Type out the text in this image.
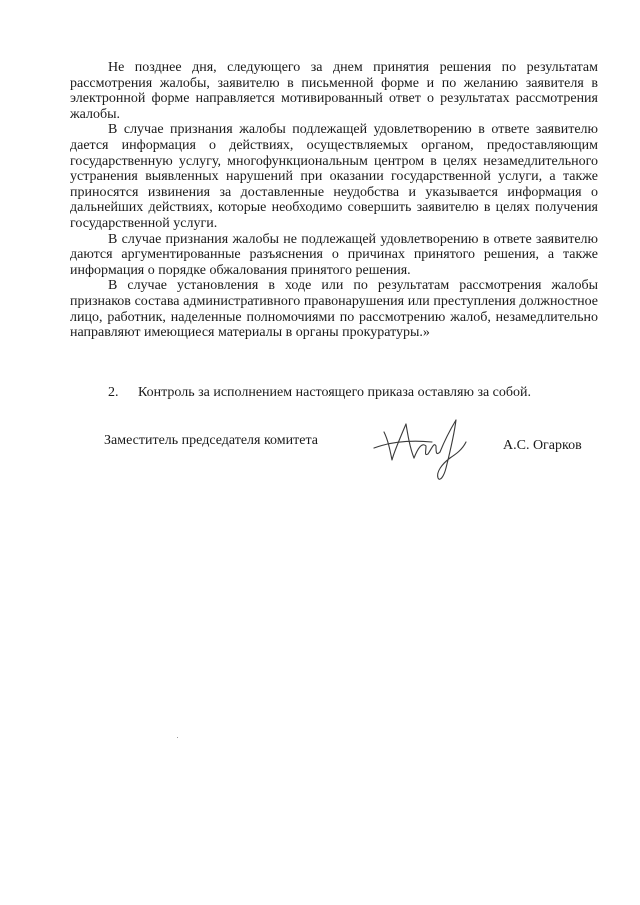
Не позднее дня, следующего за днем принятия решения по результатам рассмотрения жалобы, заявителю в письменной форме и по желанию заявителя в электронной форме направляется мотивированный ответ о результатах рассмотрения жалобы.

В случае признания жалобы подлежащей удовлетворению в ответе заявителю дается информация о действиях, осуществляемых органом, предоставляющим государственную услугу, многофункциональным центром в целях незамедлительного устранения выявленных нарушений при оказании государственной услуги, а также приносятся извинения за доставленные неудобства и указывается информация о дальнейших действиях, которые необходимо совершить заявителю в целях получения государственной услуги.

В случае признания жалобы не подлежащей удовлетворению в ответе заявителю даются аргументированные разъяснения о причинах принятого решения, а также информация о порядке обжалования принятого решения.

В случае установления в ходе или по результатам рассмотрения жалобы признаков состава административного правонарушения или преступления должностное лицо, работник, наделенные полномочиями по рассмотрению жалоб, незамедлительно направляют имеющиеся материалы в органы прокуратуры.»

2. Контроль за исполнением настоящего приказа оставляю за собой.
Заместитель председателя комитета	А.С. Огарков
